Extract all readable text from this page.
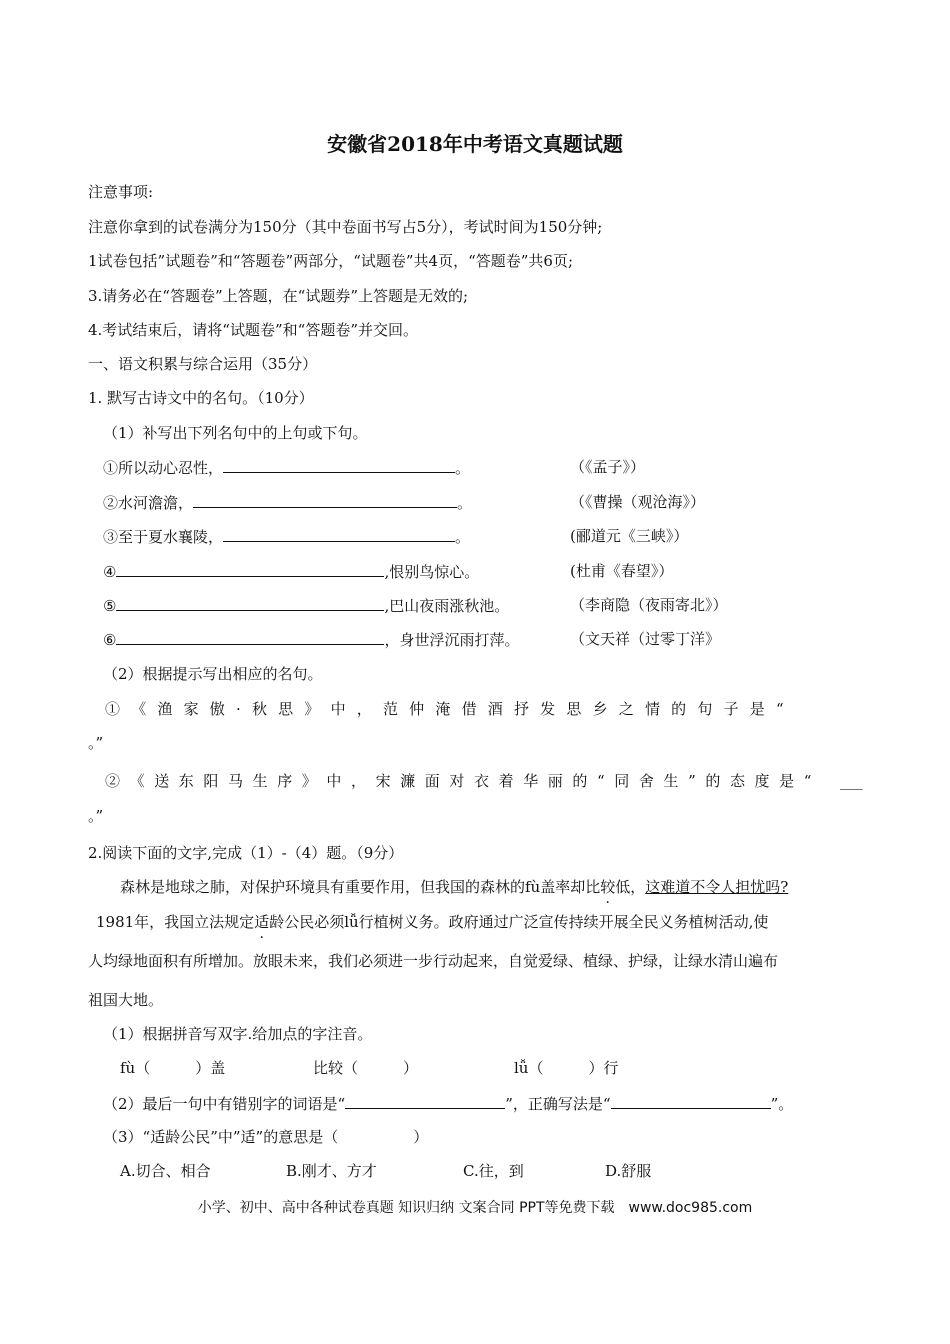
安徽省2018年中考语文真题试题
注意事项:
注意你拿到的试卷满分为150分（其中卷面书写占5分），考试时间为150分钟;
1试卷包括”试题卷”和“答题卷”两部分，“试题卷”共4页，“答题卷”共6页;
3.请务必在“答题卷”上答题，在“试题券”上答题是无效的;
4.考试结束后，请将“试题卷”和“答题卷”并交回。
一、语文积累与综合运用（35分）
1. 默写古诗文中的名句。（10分）
（1）补写出下列名句中的上句或下句。
①所以动心忍性，	。	（《孟子》）
②水河澹澹，	。	（《曹操（观沧海》）
③至于夏水襄陵，	。	(郦道元《三峡》）
④	,恨别鸟惊心。	(杜甫《春望》）
⑤	,巴山夜雨涨秋池。	（李商隐（夜雨寄北》）
⑥	，身世浮沉雨打萍。	（文天祥（过零丁洋》
（2）根据提示写出相应的名句。
①《渔家傲·秋思》中，范仲淹借酒抒发思乡之情的句子是“
。”
②《送东阳马生序》中，宋濂面对衣着华丽的“同舍生”的态度是“ ___
。”
2.阅读下面的文字,完成（1）-（4）题。（9分）
森林是地球之肺，对保护环境具有重要作用，但我国的森林的fù盖率却比较低，这难道不令人担忧吗?
1981年，我国立法规定适龄公民必须lǚ行植树义务。政府通过广泛宣传持续开展全民义务植树活动,使
人均绿地面积有所增加。放眼未来，我们必须进一步行动起来，自觉爱绿、植绿、护绿，让绿水清山遍布
祖国大地。
（1）根据拼音写双字.给加点的字注音。
fù（　　　）盖	比较（　　　）	lǚ（　　　）行
（2）最后一句中有错别字的词语是“	”，正确写法是“	”。
（3）“适龄公民”中”适”的意思是（　　　　　）
A.切合、相合	B.刚才、方才	C.往，到	D.舒服
小学、初中、高中各种试卷真题 知识归纳 文案合同 PPT等免费下载　www.doc985.com
